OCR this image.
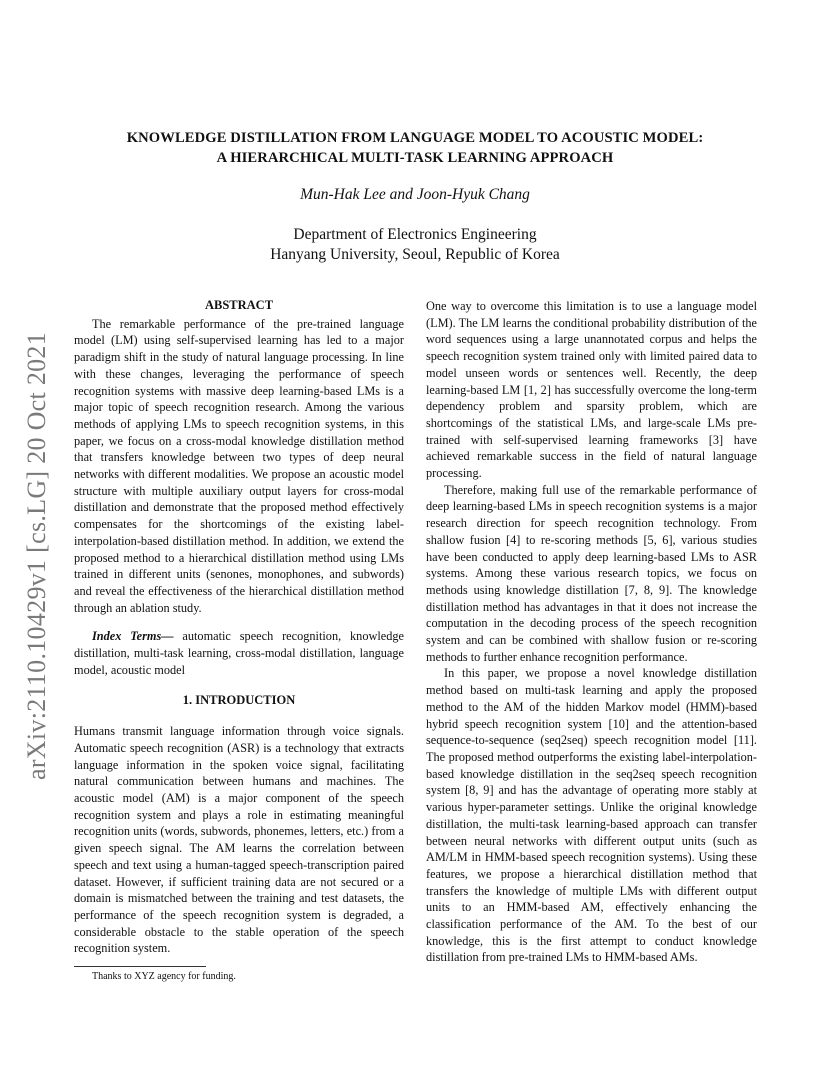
arXiv:2110.10429v1 [cs.LG] 20 Oct 2021
KNOWLEDGE DISTILLATION FROM LANGUAGE MODEL TO ACOUSTIC MODEL:
A HIERARCHICAL MULTI-TASK LEARNING APPROACH
Mun-Hak Lee and Joon-Hyuk Chang
Department of Electronics Engineering
Hanyang University, Seoul, Republic of Korea
ABSTRACT

The remarkable performance of the pre-trained language model (LM) using self-supervised learning has led to a major paradigm shift in the study of natural language processing. In line with these changes, leveraging the performance of speech recognition systems with massive deep learning-based LMs is a major topic of speech recognition research. Among the various methods of applying LMs to speech recognition systems, in this paper, we focus on a cross-modal knowledge distillation method that transfers knowledge between two types of deep neural networks with different modalities. We propose an acoustic model structure with multiple auxiliary output layers for cross-modal distillation and demonstrate that the proposed method effectively compensates for the shortcomings of the existing label-interpolation-based distillation method. In addition, we extend the proposed method to a hierarchical distillation method using LMs trained in different units (senones, monophones, and subwords) and reveal the effectiveness of the hierarchical distillation method through an ablation study.

Index Terms— automatic speech recognition, knowledge distillation, multi-task learning, cross-modal distillation, language model, acoustic model

1. INTRODUCTION

Humans transmit language information through voice signals. Automatic speech recognition (ASR) is a technology that extracts language information in the spoken voice signal, facilitating natural communication between humans and machines. The acoustic model (AM) is a major component of the speech recognition system and plays a role in estimating meaningful recognition units (words, subwords, phonemes, letters, etc.) from a given speech signal. The AM learns the correlation between speech and text using a human-tagged speech-transcription paired dataset. However, if sufficient training data are not secured or a domain is mismatched between the training and test datasets, the performance of the speech recognition system is degraded, a considerable obstacle to the stable operation of the speech recognition system.

Thanks to XYZ agency for funding.

One way to overcome this limitation is to use a language model (LM). The LM learns the conditional probability distribution of the word sequences using a large unannotated corpus and helps the speech recognition system trained only with limited paired data to model unseen words or sentences well. Recently, the deep learning-based LM [1, 2] has successfully overcome the long-term dependency problem and sparsity problem, which are shortcomings of the statistical LMs, and large-scale LMs pre-trained with self-supervised learning frameworks [3] have achieved remarkable success in the field of natural language processing.

Therefore, making full use of the remarkable performance of deep learning-based LMs in speech recognition systems is a major research direction for speech recognition technology. From shallow fusion [4] to re-scoring methods [5, 6], various studies have been conducted to apply deep learning-based LMs to ASR systems. Among these various research topics, we focus on methods using knowledge distillation [7, 8, 9]. The knowledge distillation method has advantages in that it does not increase the computation in the decoding process of the speech recognition system and can be combined with shallow fusion or re-scoring methods to further enhance recognition performance.

In this paper, we propose a novel knowledge distillation method based on multi-task learning and apply the proposed method to the AM of the hidden Markov model (HMM)-based hybrid speech recognition system [10] and the attention-based sequence-to-sequence (seq2seq) speech recognition model [11]. The proposed method outperforms the existing label-interpolation-based knowledge distillation in the seq2seq speech recognition system [8, 9] and has the advantage of operating more stably at various hyper-parameter settings. Unlike the original knowledge distillation, the multi-task learning-based approach can transfer between neural networks with different output units (such as AM/LM in HMM-based speech recognition systems). Using these features, we propose a hierarchical distillation method that transfers the knowledge of multiple LMs with different output units to an HMM-based AM, effectively enhancing the classification performance of the AM. To the best of our knowledge, this is the first attempt to conduct knowledge distillation from pre-trained LMs to HMM-based AMs.
